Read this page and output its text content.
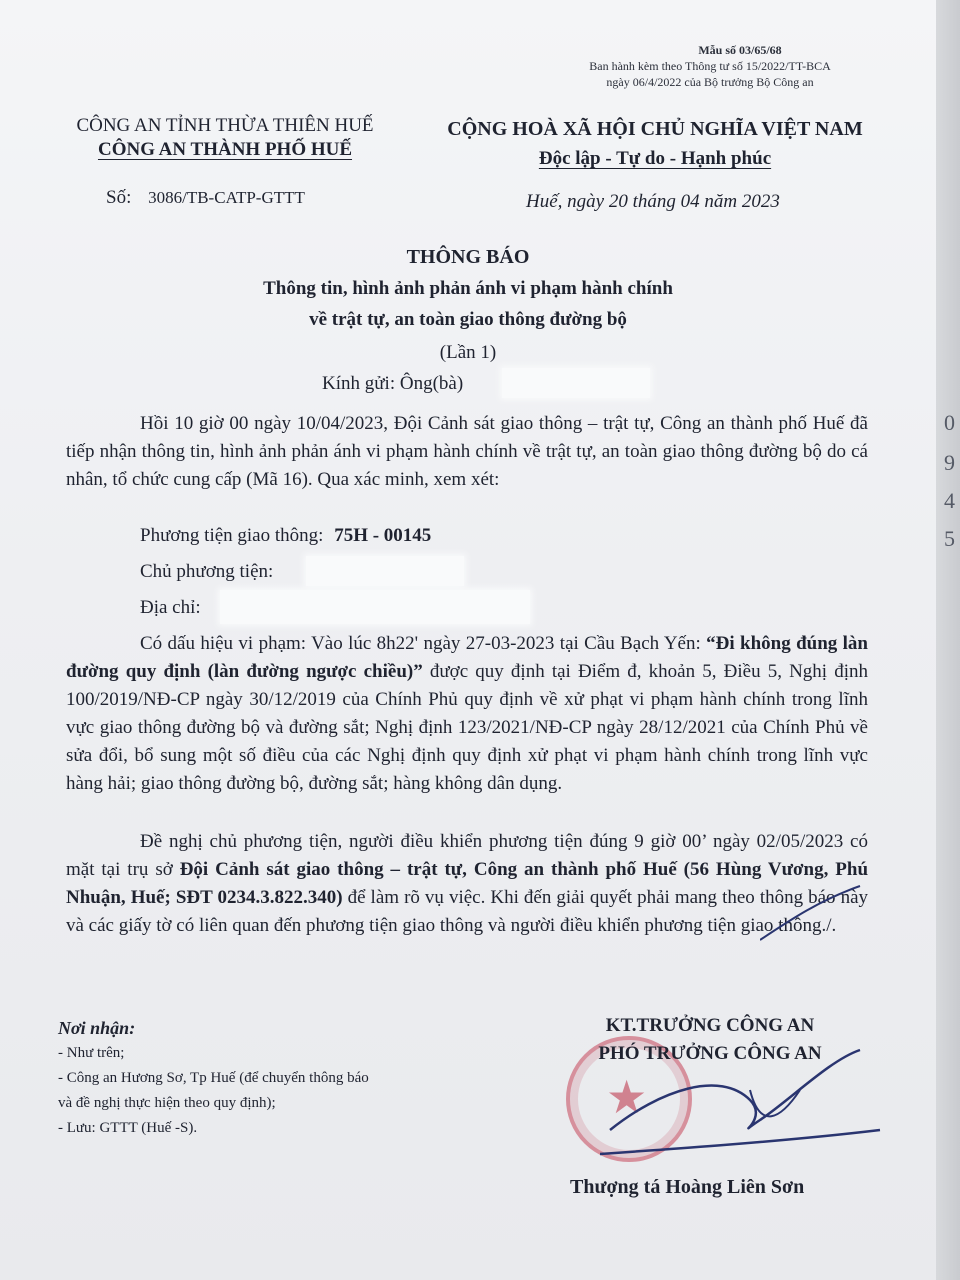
Mẫu số 03/65/68
Ban hành kèm theo Thông tư số 15/2022/TT-BCA
ngày 06/4/2022 của Bộ trưởng Bộ Công an
CÔNG AN TỈNH THỪA THIÊN HUẾ
CÔNG AN THÀNH PHỐ HUẾ
Số: 3086/TB-CATP-GTTT
CỘNG HOÀ XÃ HỘI CHỦ NGHĨA VIỆT NAM
Độc lập - Tự do - Hạnh phúc
Huế, ngày 20 tháng 04 năm 2023
THÔNG BÁO
Thông tin, hình ảnh phản ánh vi phạm hành chính
về trật tự, an toàn giao thông đường bộ
(Lần 1)
Kính gửi: Ông(bà)
Hồi 10 giờ 00 ngày 10/04/2023, Đội Cảnh sát giao thông – trật tự, Công an thành phố Huế đã tiếp nhận thông tin, hình ảnh phản ánh vi phạm hành chính về trật tự, an toàn giao thông đường bộ do cá nhân, tổ chức cung cấp (Mã 16). Qua xác minh, xem xét:
Phương tiện giao thông: 75H - 00145
Chủ phương tiện:
Địa chỉ:
Có dấu hiệu vi phạm: Vào lúc 8h22' ngày 27-03-2023 tại Cầu Bạch Yến: “Đi không đúng làn đường quy định (làn đường ngược chiều)” được quy định tại Điểm đ, khoản 5, Điều 5, Nghị định 100/2019/NĐ-CP ngày 30/12/2019 của Chính Phủ quy định về xử phạt vi phạm hành chính trong lĩnh vực giao thông đường bộ và đường sắt; Nghị định 123/2021/NĐ-CP ngày 28/12/2021 của Chính Phủ về sửa đổi, bổ sung một số điều của các Nghị định quy định xử phạt vi phạm hành chính trong lĩnh vực hàng hải; giao thông đường bộ, đường sắt; hàng không dân dụng.
Đề nghị chủ phương tiện, người điều khiển phương tiện đúng 9 giờ 00’ ngày 02/05/2023 có mặt tại trụ sở Đội Cảnh sát giao thông – trật tự, Công an thành phố Huế (56 Hùng Vương, Phú Nhuận, Huế; SĐT 0234.3.822.340) để làm rõ vụ việc. Khi đến giải quyết phải mang theo thông báo này và các giấy tờ có liên quan đến phương tiện giao thông và người điều khiển phương tiện giao thông./.
Nơi nhận:
- Như trên;
- Công an Hương Sơ, Tp Huế (để chuyển thông báo
và đề nghị thực hiện theo quy định);
- Lưu: GTTT (Huế -S).
★
KT.TRƯỞNG CÔNG AN
PHÓ TRƯỞNG CÔNG AN
Thượng tá Hoàng Liên Sơn
0
9
4
5
